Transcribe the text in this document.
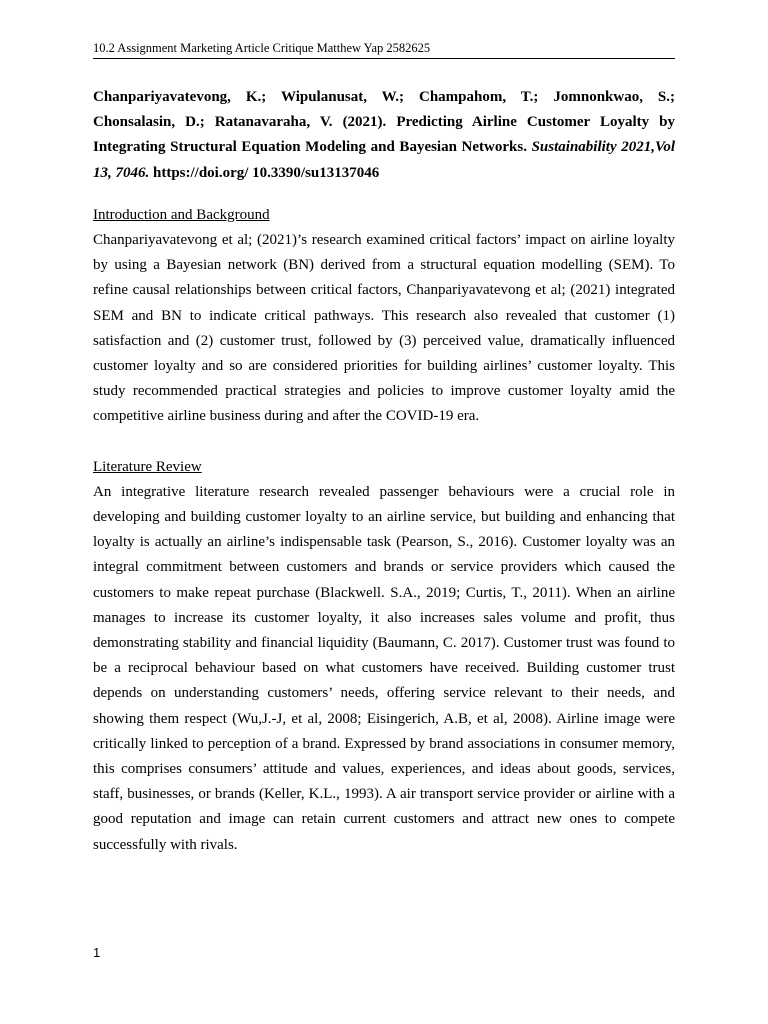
10.2 Assignment Marketing Article Critique Matthew Yap 2582625

Chanpariyavatevong, K.; Wipulanusat, W.; Champahom, T.; Jomnonkwao, S.; Chonsalasin, D.; Ratanavaraha, V. (2021). Predicting Airline Customer Loyalty by Integrating Structural Equation Modeling and Bayesian Networks. Sustainability 2021,Vol 13, 7046. https://doi.org/ 10.3390/su13137046

Introduction and Background

Chanpariyavatevong et al; (2021)’s research examined critical factors’ impact on airline loyalty by using a Bayesian network (BN) derived from a structural equation modelling (SEM). To refine causal relationships between critical factors, Chanpariyavatevong et al; (2021) integrated SEM and BN to indicate critical pathways. This research also revealed that customer (1) satisfaction and (2) customer trust, followed by (3) perceived value, dramatically influenced customer loyalty and so are considered priorities for building airlines’ customer loyalty. This study recommended practical strategies and policies to improve customer loyalty amid the competitive airline business during and after the COVID-19 era.

Literature Review

An integrative literature research revealed passenger behaviours were a crucial role in developing and building customer loyalty to an airline service, but building and enhancing that loyalty is actually an airline’s indispensable task (Pearson, S., 2016). Customer loyalty was an integral commitment between customers and brands or service providers which caused the customers to make repeat purchase (Blackwell. S.A., 2019; Curtis, T., 2011). When an airline manages to increase its customer loyalty, it also increases sales volume and profit, thus demonstrating stability and financial liquidity (Baumann, C. 2017). Customer trust was found to be a reciprocal behaviour based on what customers have received. Building customer trust depends on understanding customers’ needs, offering service relevant to their needs, and showing them respect (Wu,J.-J, et al, 2008; Eisingerich, A.B, et al, 2008). Airline image were critically linked to perception of a brand. Expressed by brand associations in consumer memory, this comprises consumers’ attitude and values, experiences, and ideas about goods, services, staff, businesses, or brands (Keller, K.L., 1993). A air transport service provider or airline with a good reputation and image can retain current customers and attract new ones to compete successfully with rivals.

1
